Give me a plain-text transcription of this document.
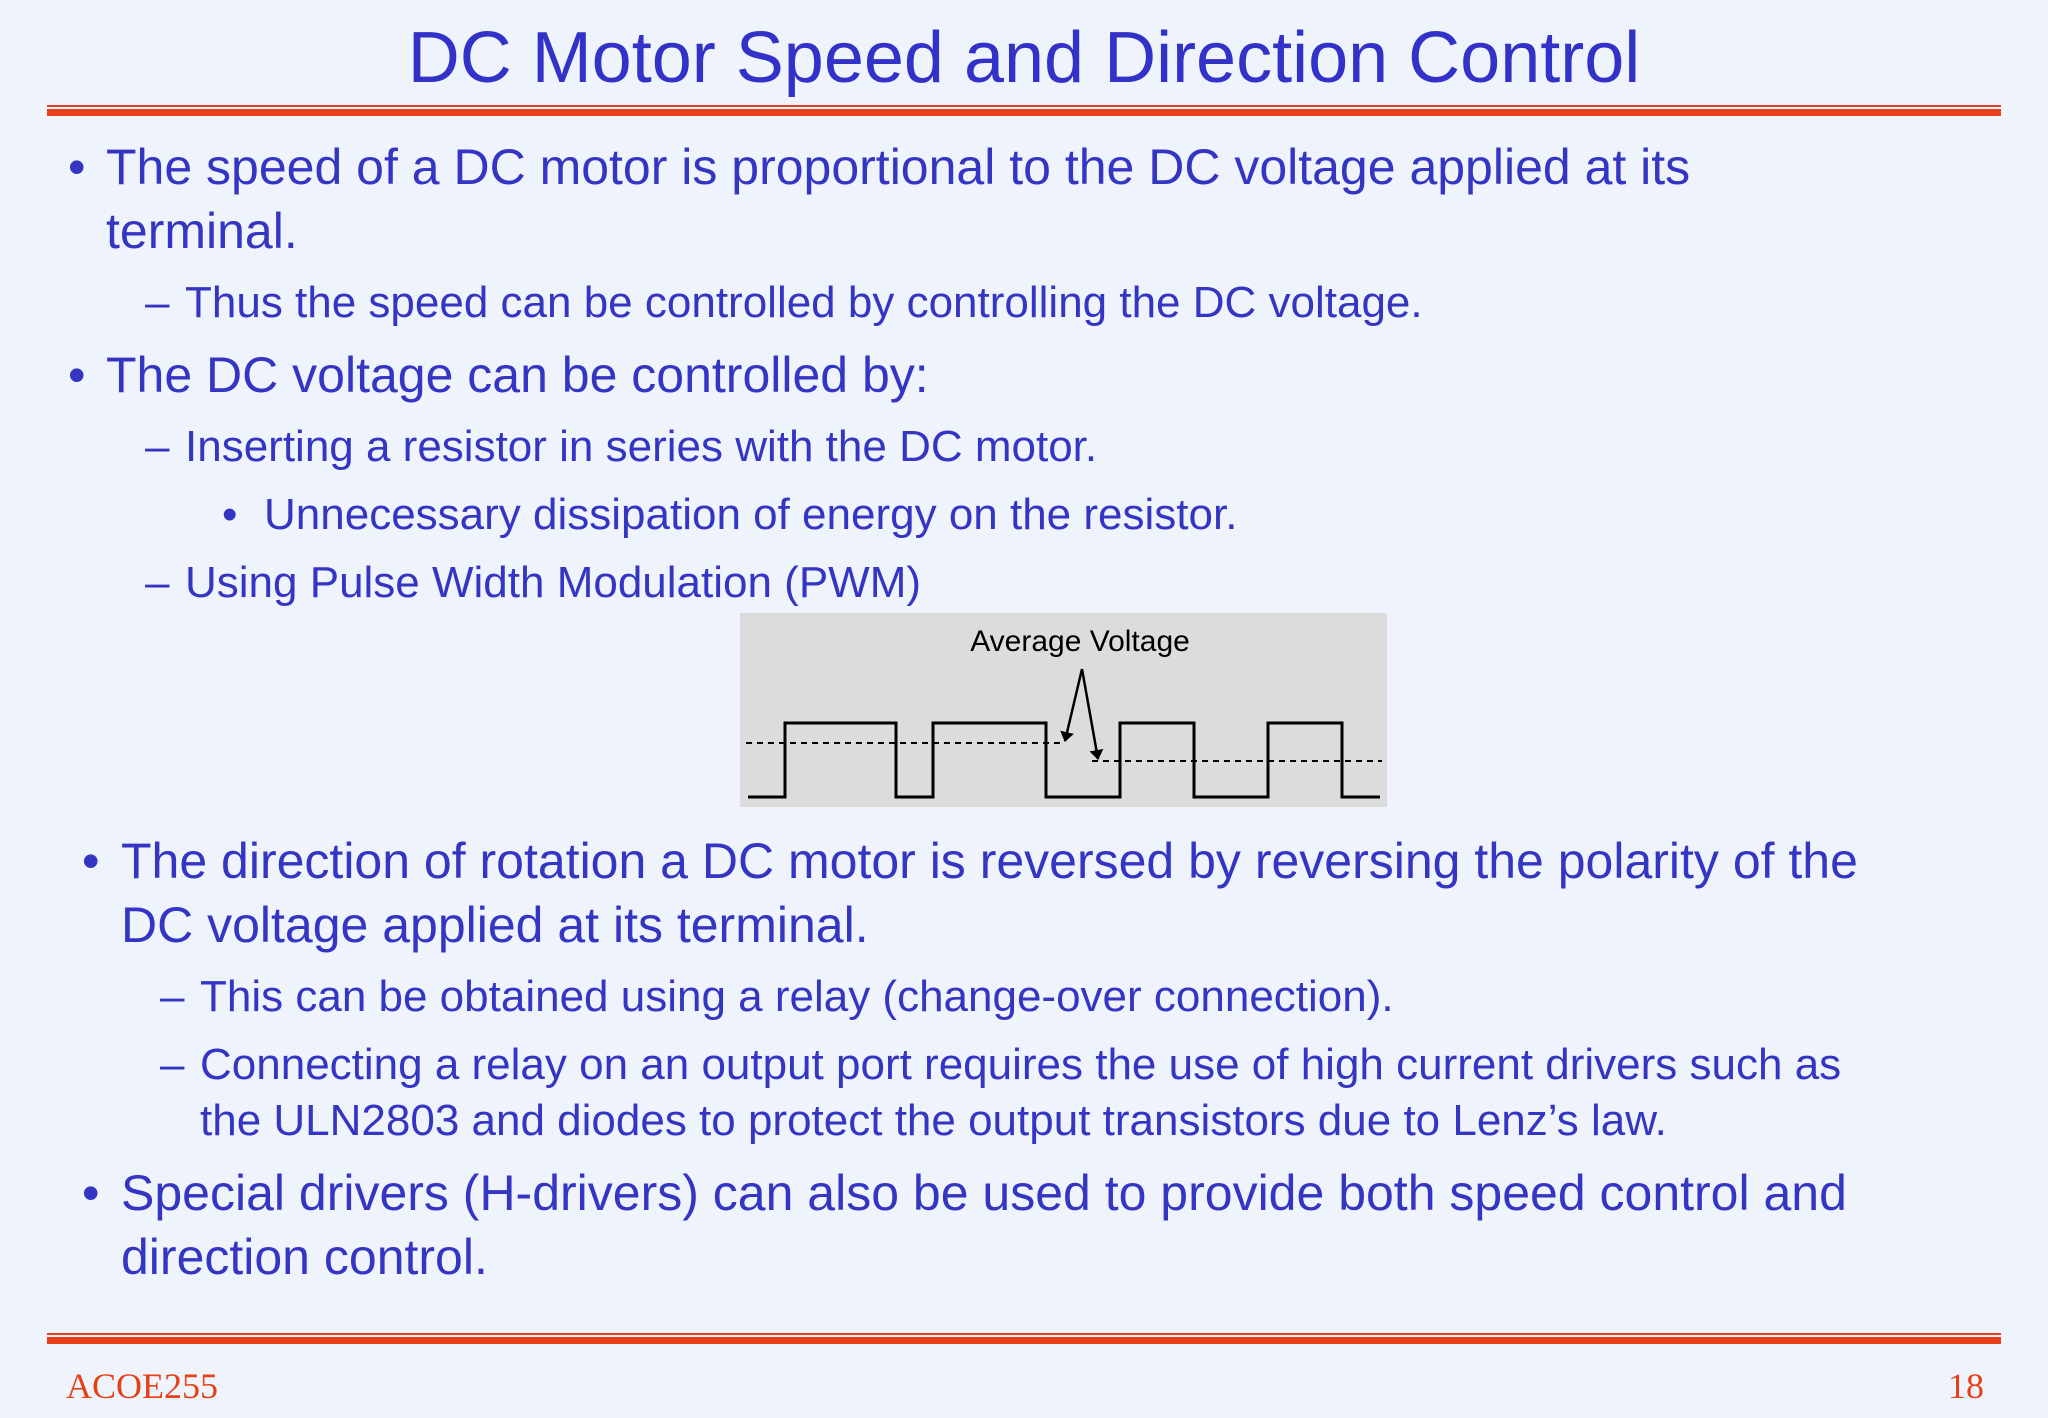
DC Motor Speed and Direction Control
• The speed of a DC motor is proportional to the DC voltage applied at its
terminal.
– Thus the speed can be controlled by controlling the DC voltage.
• The DC voltage can be controlled by:
– Inserting a resistor in series with the DC motor.
• Unnecessary dissipation of energy on the resistor.
– Using Pulse Width Modulation (PWM)
Average Voltage
• The direction of rotation a DC motor is reversed by reversing the polarity of the
DC voltage applied at its terminal.
– This can be obtained using a relay (change-over connection).
– Connecting a relay on an output port requires the use of high current drivers such as
the ULN2803 and diodes to protect the output transistors due to Lenz’s law.
• Special drivers (H-drivers) can also be used to provide both speed control and
direction control.
ACOE255	18
